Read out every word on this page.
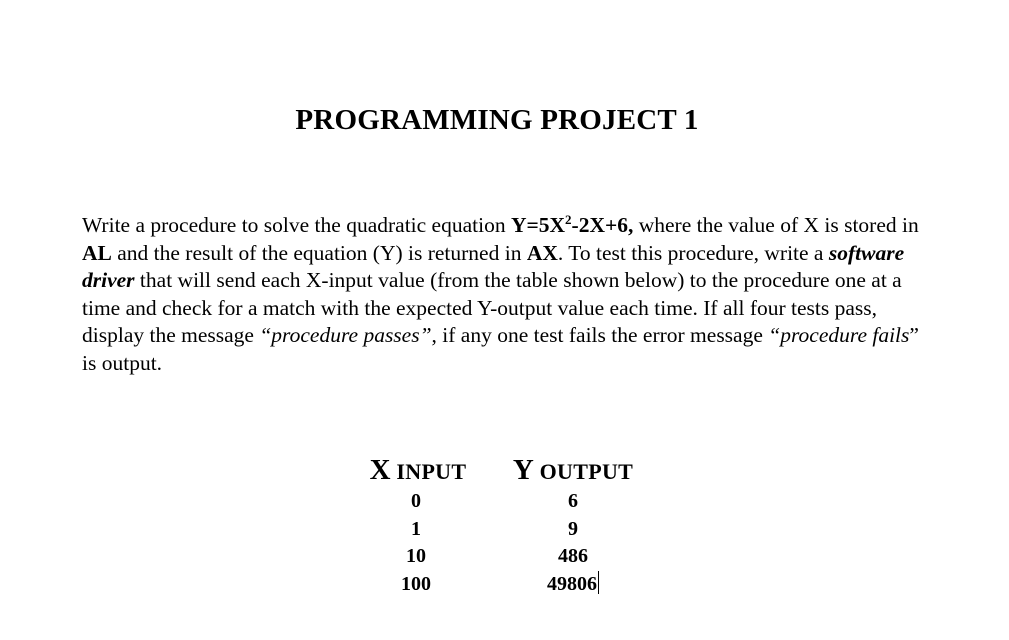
PROGRAMMING PROJECT 1
Write a procedure to solve the quadratic equation $Y=5X^2-2X+6$, where the value of X is stored in AL and the result of the equation (Y) is returned in AX. To test this procedure, write a software driver that will send each X-input value (from the table shown below) to the procedure one at a time and check for a match with the expected Y-output value each time. If all four tests pass, display the message “procedure passes”, if any one test fails the error message “procedure fails” is output.
X INPUT	Y OUTPUT
0	6
1	9
10	486
100	49806
